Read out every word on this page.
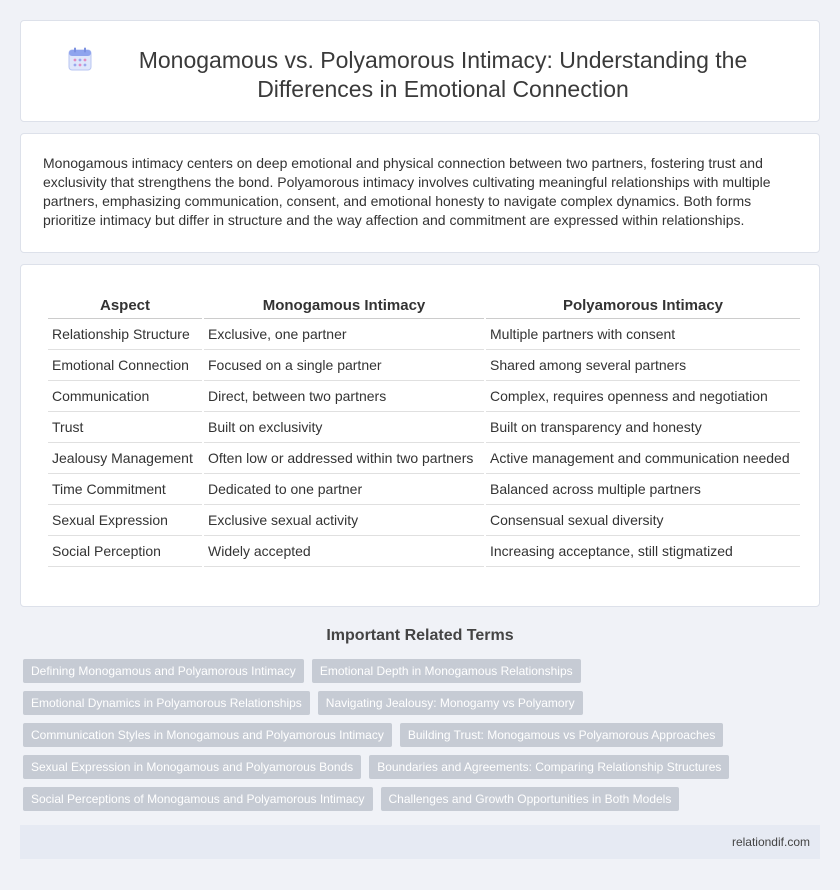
Monogamous vs. Polyamorous Intimacy: Understanding the Differences in Emotional Connection

Monogamous intimacy centers on deep emotional and physical connection between two partners, fostering trust and exclusivity that strengthens the bond. Polyamorous intimacy involves cultivating meaningful relationships with multiple partners, emphasizing communication, consent, and emotional honesty to navigate complex dynamics. Both forms prioritize intimacy but differ in structure and the way affection and commitment are expressed within relationships.

Aspect	Monogamous Intimacy	Polyamorous Intimacy
Relationship Structure	Exclusive, one partner	Multiple partners with consent
Emotional Connection	Focused on a single partner	Shared among several partners
Communication	Direct, between two partners	Complex, requires openness and negotiation
Trust	Built on exclusivity	Built on transparency and honesty
Jealousy Management	Often low or addressed within two partners	Active management and communication needed
Time Commitment	Dedicated to one partner	Balanced across multiple partners
Sexual Expression	Exclusive sexual activity	Consensual sexual diversity
Social Perception	Widely accepted	Increasing acceptance, still stigmatized
Important Related Terms
Defining Monogamous and Polyamorous Intimacy	Emotional Depth in Monogamous Relationships
Emotional Dynamics in Polyamorous Relationships	Navigating Jealousy: Monogamy vs Polyamory
Communication Styles in Monogamous and Polyamorous Intimacy	Building Trust: Monogamous vs Polyamorous Approaches
Sexual Expression in Monogamous and Polyamorous Bonds	Boundaries and Agreements: Comparing Relationship Structures
Social Perceptions of Monogamous and Polyamorous Intimacy	Challenges and Growth Opportunities in Both Models
relationdif.com
